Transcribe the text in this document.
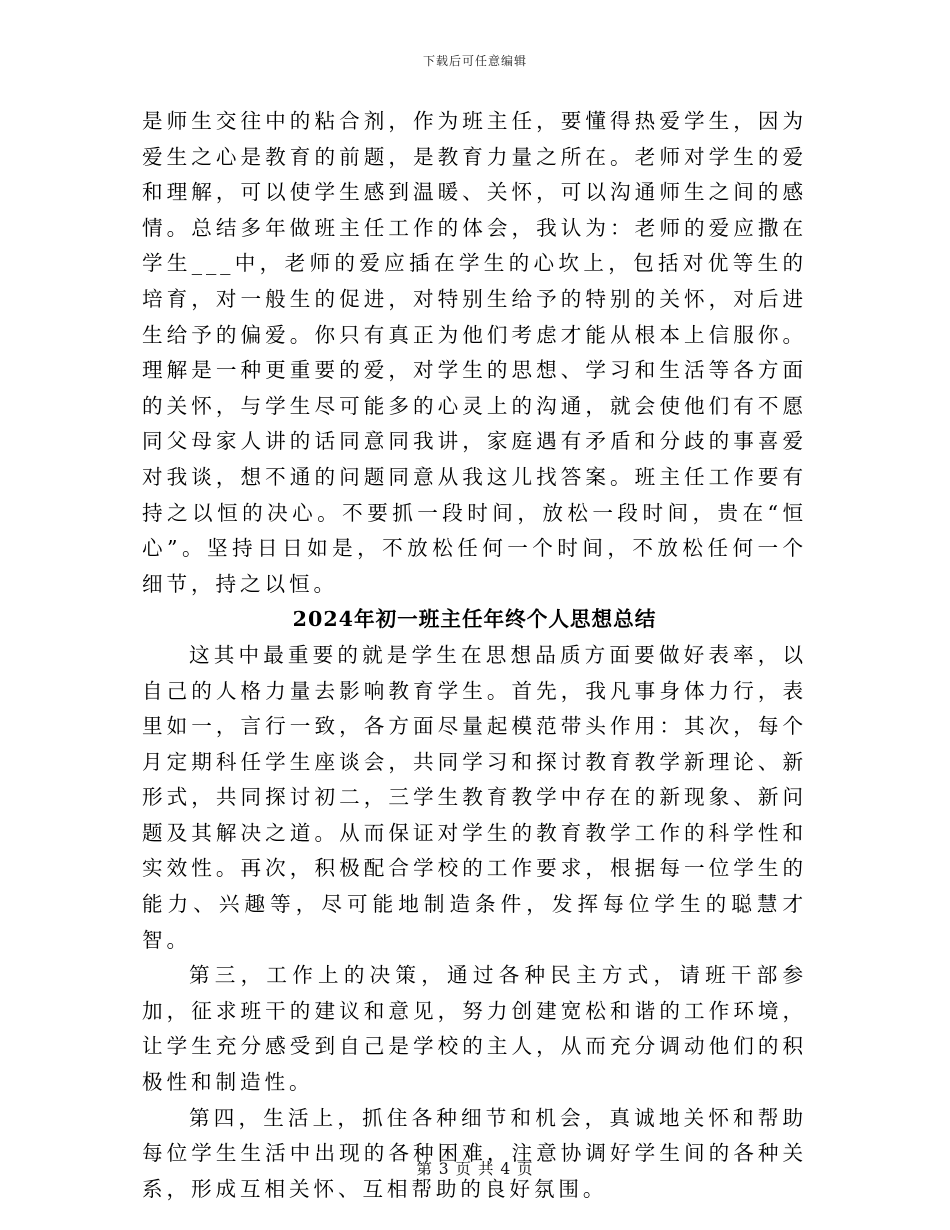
下载后可任意编辑

是师生交往中的粘合剂，作为班主任，要懂得热爱学生，因为爱生之心是教育的前题，是教育力量之所在。老师对学生的爱和理解，可以使学生感到温暖、关怀，可以沟通师生之间的感情。总结多年做班主任工作的体会，我认为：老师的爱应撒在学生___中，老师的爱应插在学生的心坎上，包括对优等生的培育，对一般生的促进，对特别生给予的特别的关怀，对后进生给予的偏爱。你只有真正为他们考虑才能从根本上信服你。理解是一种更重要的爱，对学生的思想、学习和生活等各方面的关怀，与学生尽可能多的心灵上的沟通，就会使他们有不愿同父母家人讲的话同意同我讲，家庭遇有矛盾和分歧的事喜爱对我谈，想不通的问题同意从我这儿找答案。班主任工作要有持之以恒的决心。不要抓一段时间，放松一段时间，贵在“恒心”。坚持日日如是，不放松任何一个时间，不放松任何一个细节，持之以恒。

2024年初一班主任年终个人思想总结

这其中最重要的就是学生在思想品质方面要做好表率，以自己的人格力量去影响教育学生。首先，我凡事身体力行，表里如一，言行一致，各方面尽量起模范带头作用：其次，每个月定期科任学生座谈会，共同学习和探讨教育教学新理论、新形式，共同探讨初二，三学生教育教学中存在的新现象、新问题及其解决之道。从而保证对学生的教育教学工作的科学性和实效性。再次，积极配合学校的工作要求，根据每一位学生的能力、兴趣等，尽可能地制造条件，发挥每位学生的聪慧才智。

第三，工作上的决策，通过各种民主方式，请班干部参加，征求班干的建议和意见，努力创建宽松和谐的工作环境，让学生充分感受到自己是学校的主人，从而充分调动他们的积极性和制造性。

第四，生活上，抓住各种细节和机会，真诚地关怀和帮助每位学生生活中出现的各种困难，注意协调好学生间的各种关系，形成互相关怀、互相帮助的良好氛围。

第 3 页 共 4 页
